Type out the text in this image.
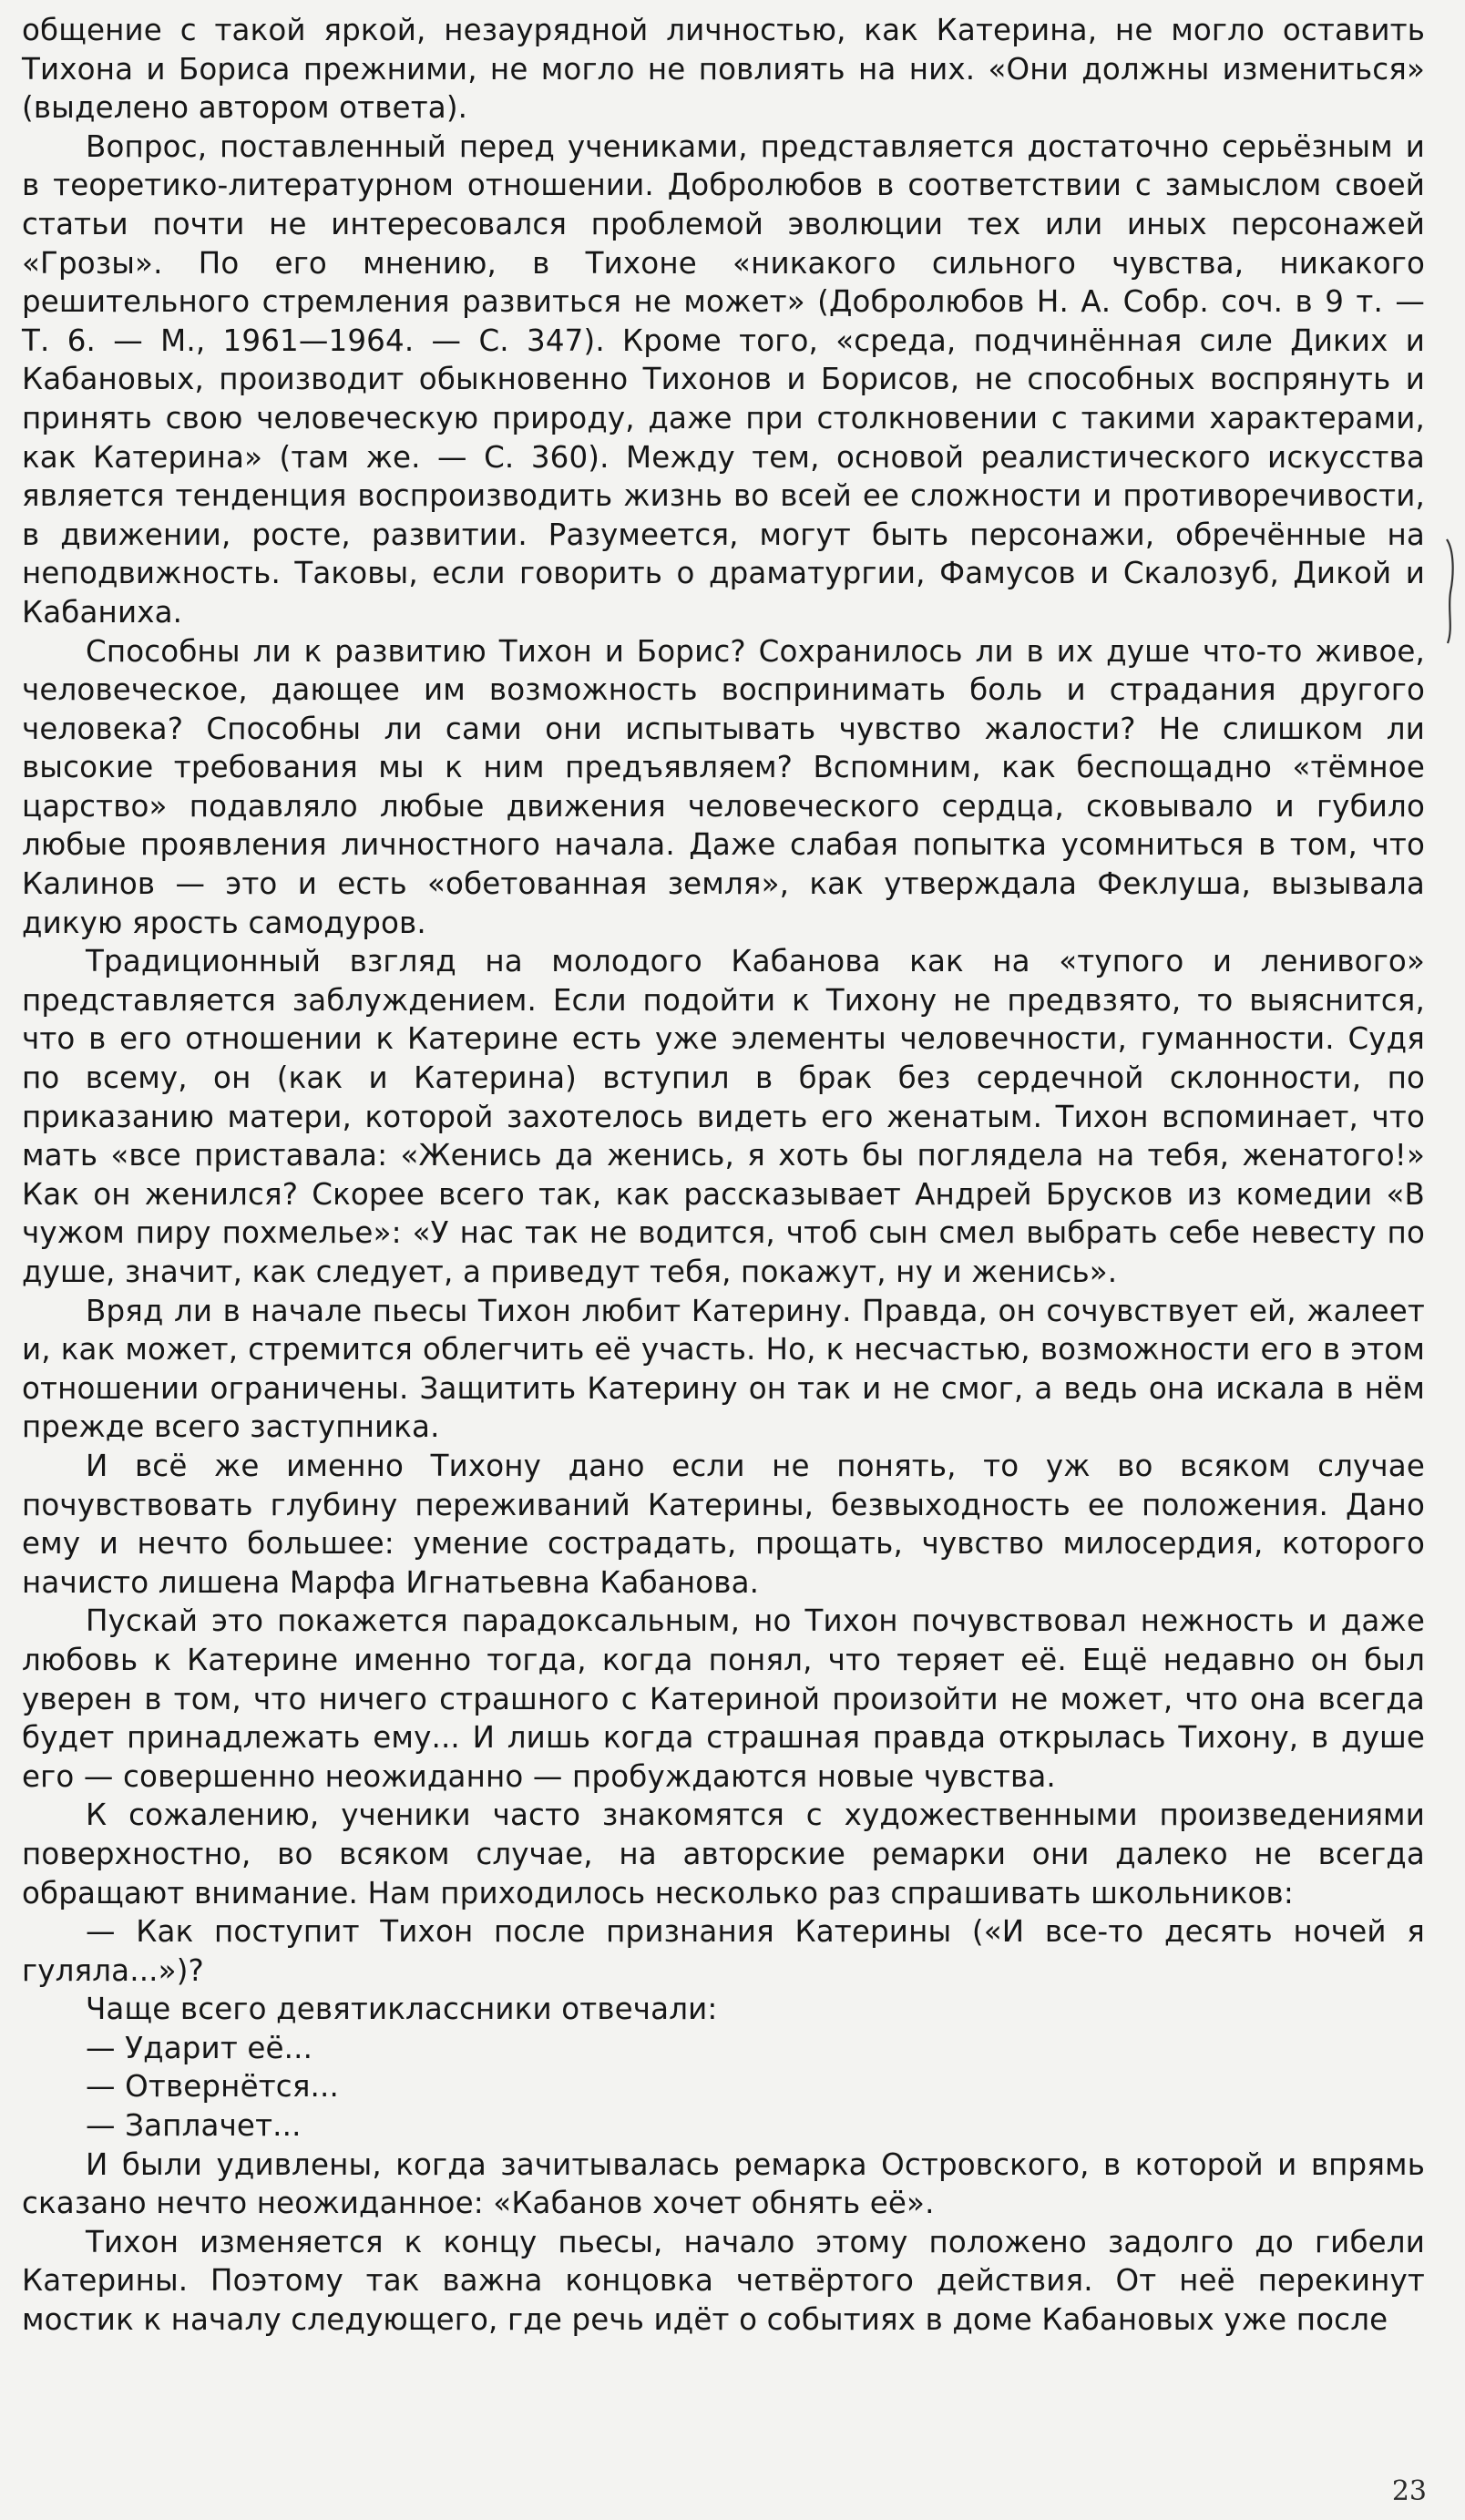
общение с такой яркой, незаурядной личностью, как Катерина, не могло оставить Тихона и Бориса прежними, не могло не повлиять на них. «Они должны измениться» (выделено автором ответа).

Вопрос, поставленный перед учениками, представляется достаточно серьёзным и в теоретико-литературном отношении. Добролюбов в соответствии с замыслом своей статьи почти не интересовался проблемой эволюции тех или иных персонажей «Грозы». По его мнению, в Тихоне «никакого сильного чувства, никакого решительного стремления развиться не может» (Добролюбов Н. А. Собр. соч. в 9 т. — Т. 6. — М., 1961—1964. — С. 347). Кроме того, «среда, подчинённая силе Диких и Кабановых, производит обыкновенно Тихонов и Борисов, не способных воспрянуть и принять свою человеческую природу, даже при столкновении с такими характерами, как Катерина» (там же. — С. 360). Между тем, основой реалистического искусства является тенденция воспроизводить жизнь во всей ее сложности и противоречивости, в движении, росте, развитии. Разумеется, могут быть персонажи, обречённые на неподвижность. Таковы, если говорить о драматургии, Фамусов и Скалозуб, Дикой и Кабаниха.

Способны ли к развитию Тихон и Борис? Сохранилось ли в их душе что-то живое, человеческое, дающее им возможность воспринимать боль и страдания другого человека? Способны ли сами они испытывать чувство жалости? Не слишком ли высокие требования мы к ним предъявляем? Вспомним, как беспощадно «тёмное царство» подавляло любые движения человеческого сердца, сковывало и губило любые проявления личностного начала. Даже слабая попытка усомниться в том, что Калинов — это и есть «обетованная земля», как утверждала Феклуша, вызывала дикую ярость самодуров.

Традиционный взгляд на молодого Кабанова как на «тупого и ленивого» представляется заблуждением. Если подойти к Тихону не предвзято, то выяснится, что в его отношении к Катерине есть уже элементы человечности, гуманности. Судя по всему, он (как и Катерина) вступил в брак без сердечной склонности, по приказанию матери, которой захотелось видеть его женатым. Тихон вспоминает, что мать «все приставала: «Женись да женись, я хоть бы поглядела на тебя, женатого!» Как он женился? Скорее всего так, как рассказывает Андрей Брусков из комедии «В чужом пиру похмелье»: «У нас так не водится, чтоб сын смел выбрать себе невесту по душе, значит, как следует, а приведут тебя, покажут, ну и женись».

Вряд ли в начале пьесы Тихон любит Катерину. Правда, он сочувствует ей, жалеет и, как может, стремится облегчить её участь. Но, к несчастью, возможности его в этом отношении ограничены. Защитить Катерину он так и не смог, а ведь она искала в нём прежде всего заступника.

И всё же именно Тихону дано если не понять, то уж во всяком случае почувствовать глубину переживаний Катерины, безвыходность ее положения. Дано ему и нечто большее: умение сострадать, прощать, чувство милосердия, которого начисто лишена Марфа Игнатьевна Кабанова.

Пускай это покажется парадоксальным, но Тихон почувствовал нежность и даже любовь к Катерине именно тогда, когда понял, что теряет её. Ещё недавно он был уверен в том, что ничего страшного с Катериной произойти не может, что она всегда будет принадлежать ему... И лишь когда страшная правда открылась Тихону, в душе его — совершенно неожиданно — пробуждаются новые чувства.

К сожалению, ученики часто знакомятся с художественными произведениями поверхностно, во всяком случае, на авторские ремарки они далеко не всегда обращают внимание. Нам приходилось несколько раз спрашивать школьников:

— Как поступит Тихон после признания Катерины («И все-то десять ночей я гуляла...»)?

Чаще всего девятиклассники отвечали:

— Ударит её...

— Отвернётся...

— Заплачет...

И были удивлены, когда зачитывалась ремарка Островского, в которой и впрямь сказано нечто неожиданное: «Кабанов хочет обнять её».

Тихон изменяется к концу пьесы, начало этому положено задолго до гибели Катерины. Поэтому так важна концовка четвёртого действия. От неё перекинут мостик к началу следующего, где речь идёт о событиях в доме Кабановых уже после

23
